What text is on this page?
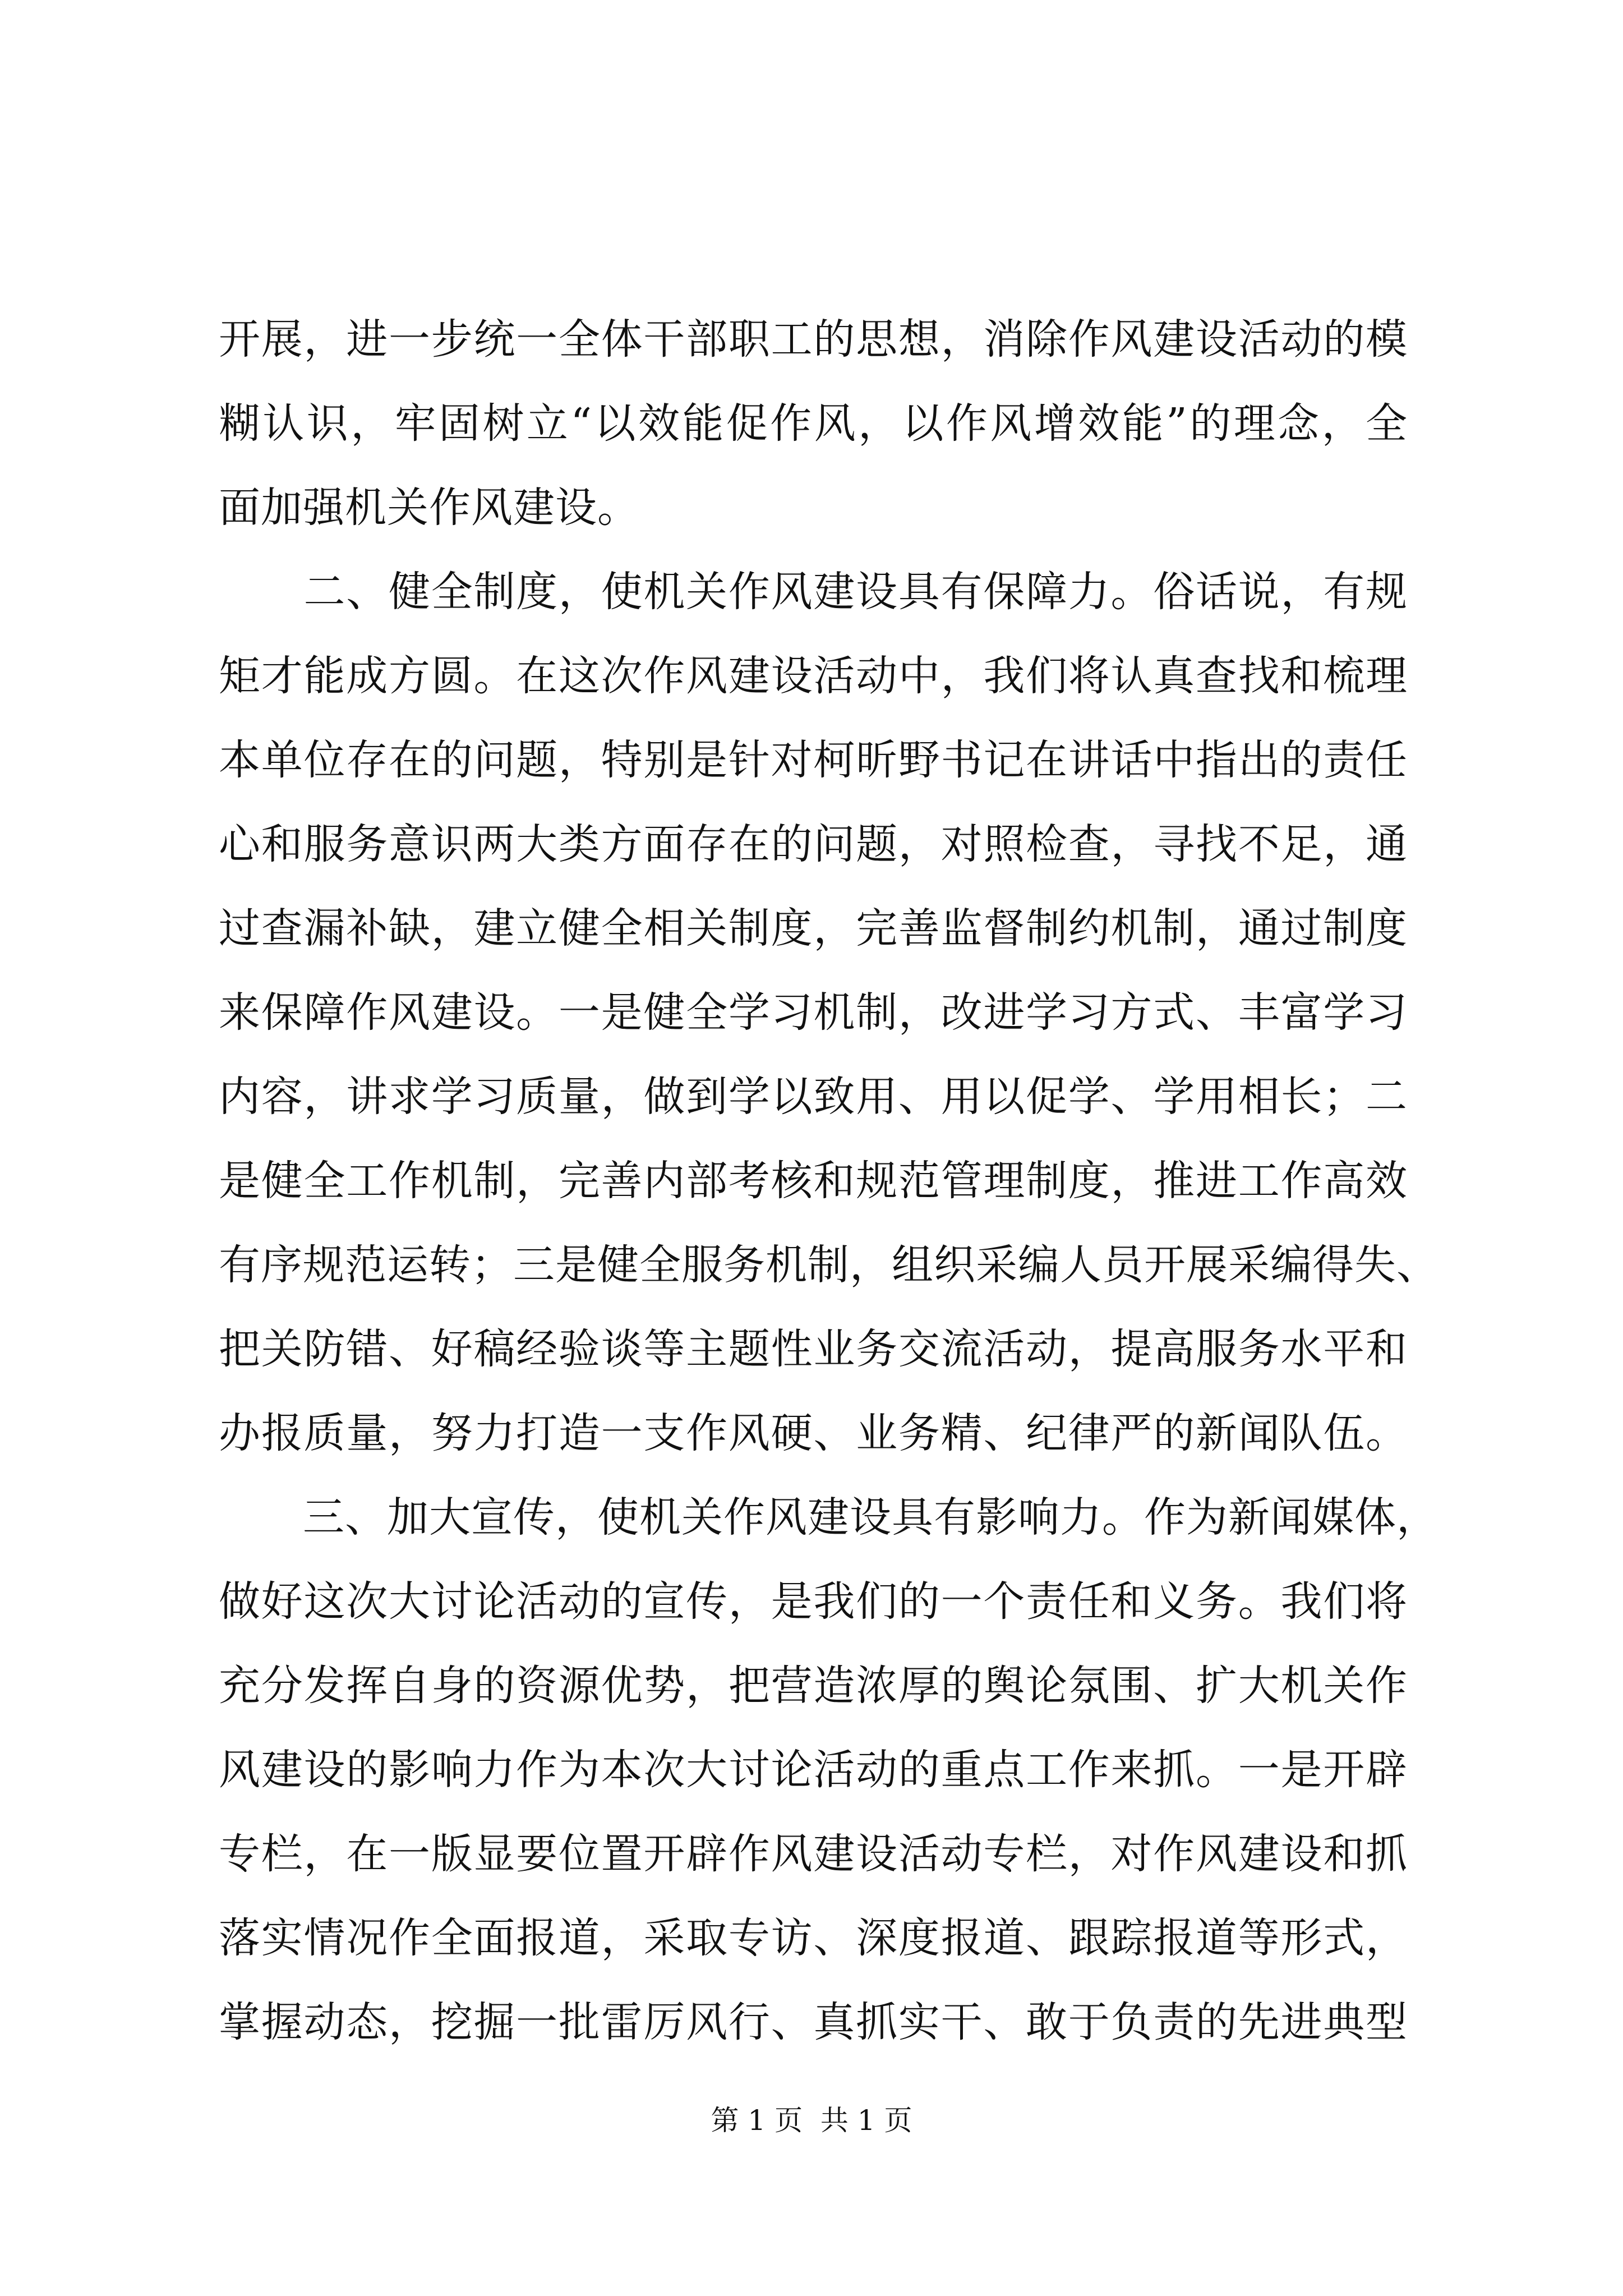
开展，进一步统一全体干部职工的思想，消除作风建设活动的模
糊认识，牢固树立“以效能促作风，以作风增效能”的理念，全
面加强机关作风建设。
　　二、健全制度，使机关作风建设具有保障力。俗话说，有规
矩才能成方圆。在这次作风建设活动中，我们将认真查找和梳理
本单位存在的问题，特别是针对柯昕野书记在讲话中指出的责任
心和服务意识两大类方面存在的问题，对照检查，寻找不足，通
过查漏补缺，建立健全相关制度，完善监督制约机制，通过制度
来保障作风建设。一是健全学习机制，改进学习方式、丰富学习
内容，讲求学习质量，做到学以致用、用以促学、学用相长；二
是健全工作机制，完善内部考核和规范管理制度，推进工作高效
有序规范运转；三是健全服务机制，组织采编人员开展采编得失、
把关防错、好稿经验谈等主题性业务交流活动，提高服务水平和
办报质量，努力打造一支作风硬、业务精、纪律严的新闻队伍。
　　三、加大宣传，使机关作风建设具有影响力。作为新闻媒体，
做好这次大讨论活动的宣传，是我们的一个责任和义务。我们将
充分发挥自身的资源优势，把营造浓厚的舆论氛围、扩大机关作
风建设的影响力作为本次大讨论活动的重点工作来抓。一是开辟
专栏，在一版显要位置开辟作风建设活动专栏，对作风建设和抓
落实情况作全面报道，采取专访、深度报道、跟踪报道等形式，
掌握动态，挖掘一批雷厉风行、真抓实干、敢于负责的先进典型
第 1 页  共 1 页
